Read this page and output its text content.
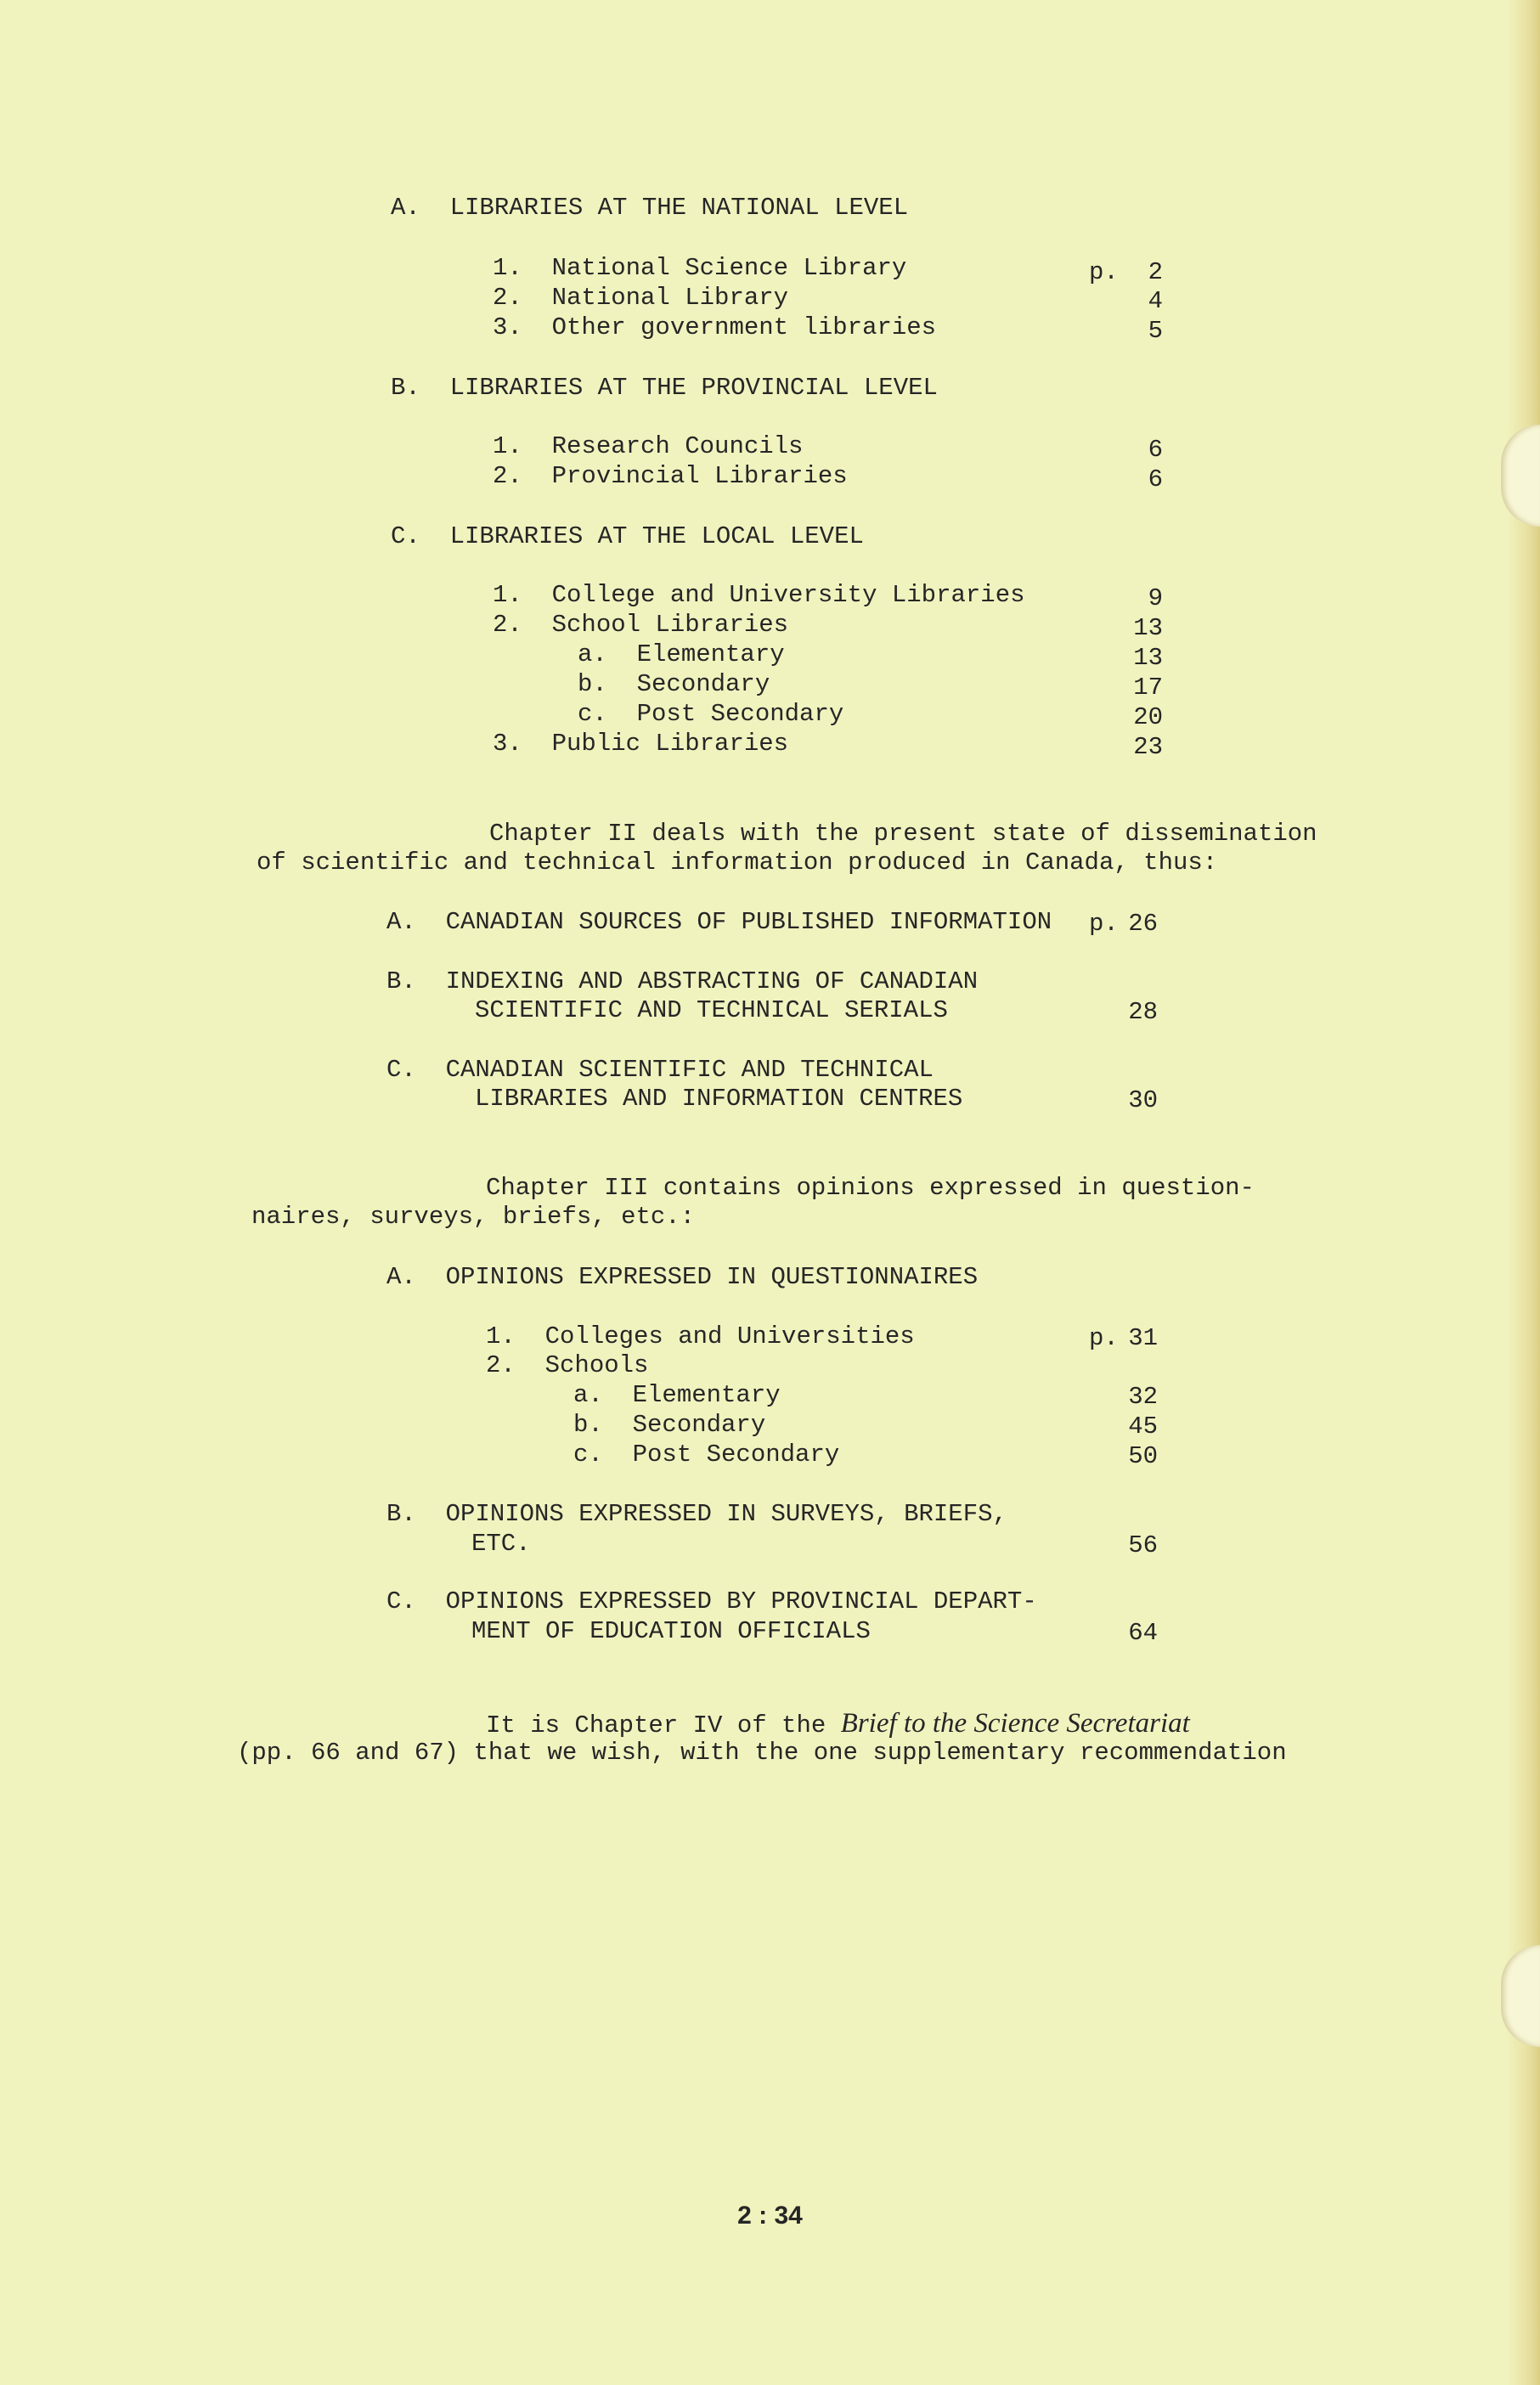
A.  LIBRARIES AT THE NATIONAL LEVEL
1.  National Science Library	p. 2
2.  National Library	4
3.  Other government libraries	5
B.  LIBRARIES AT THE PROVINCIAL LEVEL
1.  Research Councils	6
2.  Provincial Libraries	6
C.  LIBRARIES AT THE LOCAL LEVEL
1.  College and University Libraries	9
2.  School Libraries	13
a.  Elementary	13
b.  Secondary	17
c.  Post Secondary	20
3.  Public Libraries	23
Chapter II deals with the present state of dissemination
of scientific and technical information produced in Canada, thus:
A.  CANADIAN SOURCES OF PUBLISHED INFORMATION p. 26
B.  INDEXING AND ABSTRACTING OF CANADIAN
SCIENTIFIC AND TECHNICAL SERIALS	28
C.  CANADIAN SCIENTIFIC AND TECHNICAL
LIBRARIES AND INFORMATION CENTRES	30
Chapter III contains opinions expressed in question-
naires, surveys, briefs, etc.:
A.  OPINIONS EXPRESSED IN QUESTIONNAIRES
1.  Colleges and Universities	p. 31
2.  Schools
a.  Elementary	32
b.  Secondary	45
c.  Post Secondary	50
B.  OPINIONS EXPRESSED IN SURVEYS, BRIEFS,
ETC.	56
C.  OPINIONS EXPRESSED BY PROVINCIAL DEPART-
MENT OF EDUCATION OFFICIALS	64
It is Chapter IV of the Brief to the Science Secretariat
(pp. 66 and 67) that we wish, with the one supplementary recommendation
2 : 34
